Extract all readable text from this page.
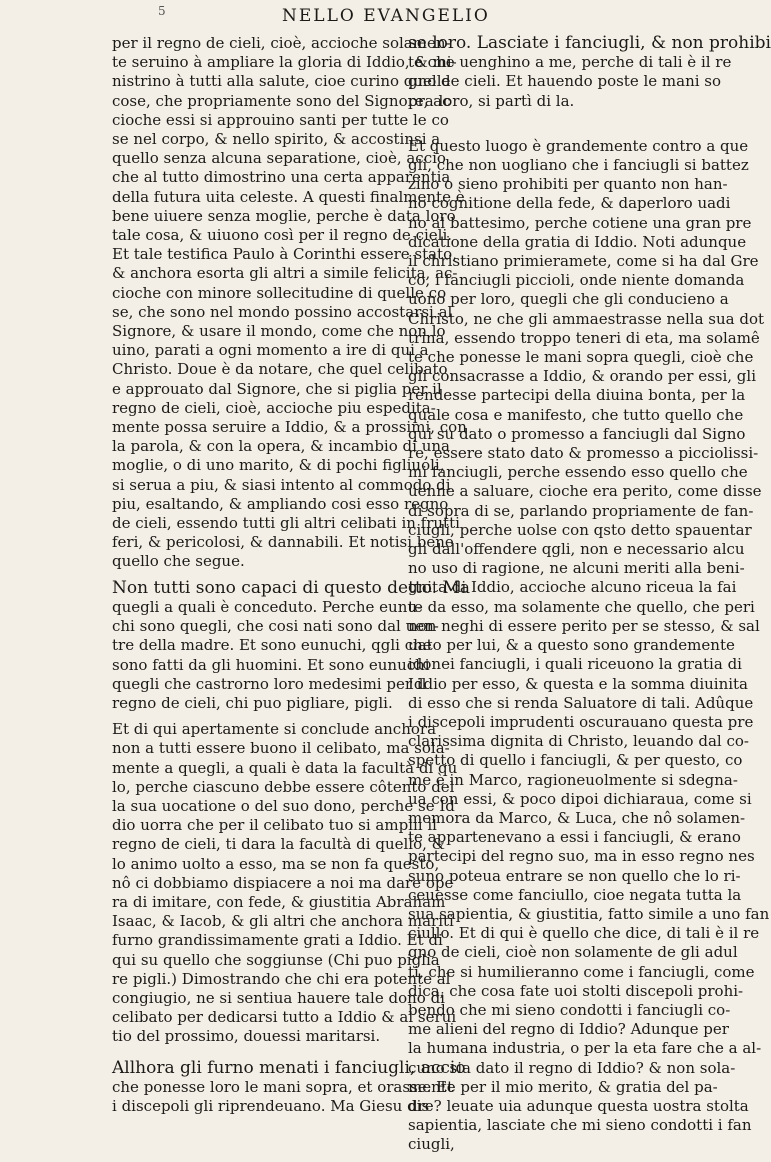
5	NELLO EVANGELIO
per il regno de cieli, cioè, accioche solamen-
te seruino à ampliare la gloria di Iddio, & mi-
nistrino à tutti alla salute, cioe curino quelle
cose, che propriamente sono del Signore, ac
cioche essi si approuino santi per tutte le co
se nel corpo, & nello spirito, & accostinsi a
quello senza alcuna separatione, cioè, accio
che al tutto dimostrino una certa apparentia
della futura uita celeste. A questi finalmente è
bene uiuere senza moglie, perche è data loro
tale cosa, & uiuono così per il regno de cieli.
Et tale testifica Paulo à Corinthi essere stato,
& anchora esorta gli altri a simile felicita, ac-
cioche con minore sollecitudine di quelle co
se, che sono nel mondo possino accostarsi al
Signore, & usare il mondo, come che non lo
uino, parati a ogni momento a ire di qui a
Christo. Doue è da notare, che quel celibato
e approuato dal Signore, che si piglia per il
regno de cieli, cioè, accioche piu espedita-
mente possa seruire a Iddio, & a prossimi, con
la parola, & con la opera, & incambio di una
moglie, o di uno marito, & di pochi figliuoli,
si serua a piu, & siasi intento al commodo di
piu, esaltando, & ampliando cosi esso regno
de cieli, essendo tutti gli altri celibati in frutti
feri, & pericolosi, & dannabili. Et notisi bene
quello che segue.
Non tutti sono capaci di questo detto. Ma
quegli a quali è conceduto. Perche eunu-
chi sono quegli, che cosi nati sono dal uen-
tre della madre. Et sono eunuchi, qgli che
sono fatti da gli huomini. Et sono eunuchi
quegli che castrorno loro medesimi per il
regno de cieli, chi puo pigliare, pigli.
Et di qui apertamente si conclude anchora
non a tutti essere buono il celibato, ma sola-
mente a quegli, a quali è data la facultà di qu
lo, perche ciascuno debbe essere côtento del
la sua uocatione o del suo dono, perche se Id
dio uorra che per il celibato tuo si amplii il
regno de cieli, ti dara la facultà di quello, &
lo animo uolto a esso, ma se non fa questo,
nô ci dobbiamo dispiacere a noi ma dare ope
ra di imitare, con fede, & giustitia Abraham
Isaac, & Iacob, & gli altri che anchora mariti
furno grandissimamente grati a Iddio. Et di
qui su quello che soggiunse (Chi puo piglia
re pigli.) Dimostrando che chi era potente al
congiugio, ne si sentiua hauere tale dono di
celibato per dedicarsi tutto a Iddio & al serui
tio del prossimo, douessi maritarsi.
Allhora gli furno menati i fanciugli, accio
che ponesse loro le mani sopra, et orasse. Et
i discepoli gli riprendeuano. Ma Giesu dis
se loro. Lasciate i fanciugli, & non prohibi
te che uenghino a me, perche di tali è il re
gno de cieli. Et hauendo poste le mani so
pra loro, si partì di la.
Et questo luogo è grandemente contro a que
gli, che non uogliano che i fanciugli si battez
zino o sieno prohibiti per quanto non han-
no cognitione della fede, & daperloro uadi
no al battesimo, perche cotiene una gran pre
dicatione della gratia di Iddio. Noti adunque
il christiano primieramete, come si ha dal Gre
co, i fanciugli piccioli, onde niente domanda
uono per loro, quegli che gli conducieno a
Christo, ne che gli ammaestrasse nella sua dot
trina, essendo troppo teneri di eta, ma solamê
te che ponesse le mani sopra quegli, cioè che
gli consacrasse a Iddio, & orando per essi, gli
rendesse partecipi della diuina bonta, per la
quale cosa e manifesto, che tutto quello che
qui su dato o promesso a fanciugli dal Signo
re, essere stato dato & promesso a picciolissi-
mi fanciugli, perche essendo esso quello che
uenne a saluare, cioche era perito, come disse
di sopra di se, parlando propriamente de fan-
ciugli, perche uolse con qsto detto spauentar
gli dall'offendere qgli, non e necessario alcu
no uso di ragione, ne alcuni meriti alla beni-
gnita di Iddio, accioche alcuno riceua la fai
te da esso, ma solamente che quello, che peri
non neghi di essere perito per se stesso, & sal
uato per lui, & a questo sono grandemente
idonei fanciugli, i quali riceuono la gratia di
Iddio per esso, & questa e la somma diuinita
di esso che si renda Saluatore di tali. Adûque
i discepoli imprudenti oscurauano questa pre
clarissima dignita di Christo, leuando dal co-
spetto di quello i fanciugli, & per questo, co
me è in Marco, ragioneuolmente si sdegna-
ua con essi, & poco dipoi dichiaraua, come si
memora da Marco, & Luca, che nô solamen-
te appartenevano a essi i fanciugli, & erano
partecipi del regno suo, ma in esso regno nes
suno poteua entrare se non quello che lo ri-
ceuesse come fanciullo, cioe negata tutta la
sua sapientia, & giustitia, fatto simile a uno fan
ciullo. Et di qui è quello che dice, di tali è il re
gno de cieli, cioè non solamente de gli adul
ti, che si humilieranno come i fanciugli, come
dica, che cosa fate uoi stolti discepoli prohi-
bendo che mi sieno condotti i fanciugli co-
me alieni del regno di Iddio? Adunque per
la humana industria, o per la eta fare che a al-
cuno sia dato il regno di Iddio? & non sola-
mente per il mio merito, & gratia del pa-
dre? leuate uia adunque questa uostra stolta
sapientia, lasciate che mi sieno condotti i fan
ciugli,
